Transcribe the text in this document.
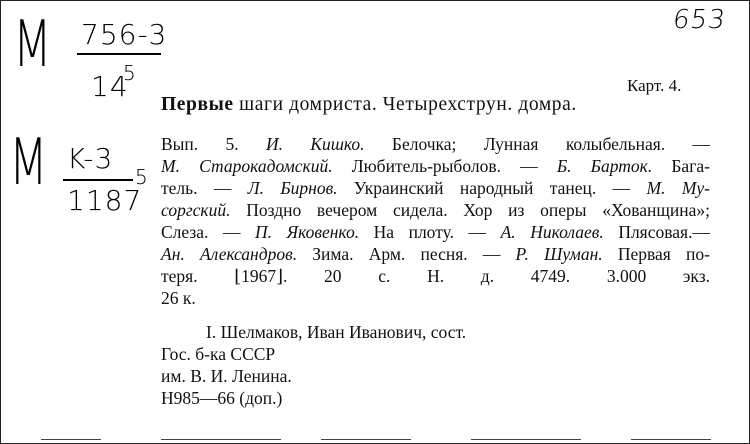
M 756-3
14
5
M K-3
1187
5
653
Карт. 4.
Первые шаги домриста. Четырехструн. домра.
Вып. 5. И. Кишко. Белочка; Лунная колыбельная. —
М. Старокадомский. Любитель-рыболов. — Б. Барток. Бага-
тель. — Л. Бирнов. Украинский народный танец. — М. Му-
соргский. Поздно вечером сидела. Хор из оперы «Хованщина»;
Слеза. — П. Яковенко. На плоту. — А. Николаев. Плясовая.—
Ан. Александров. Зима. Арм. песня. — Р. Шуман. Первая по-
теря. ⌊1967⌋. 20 с. Н. д. 4749. 3.000 экз.
26 к.
I. Шелмаков, Иван Иванович, сост.
Гос. б-ка СССР
им. В. И. Ленина.
Н985—66 (доп.)
